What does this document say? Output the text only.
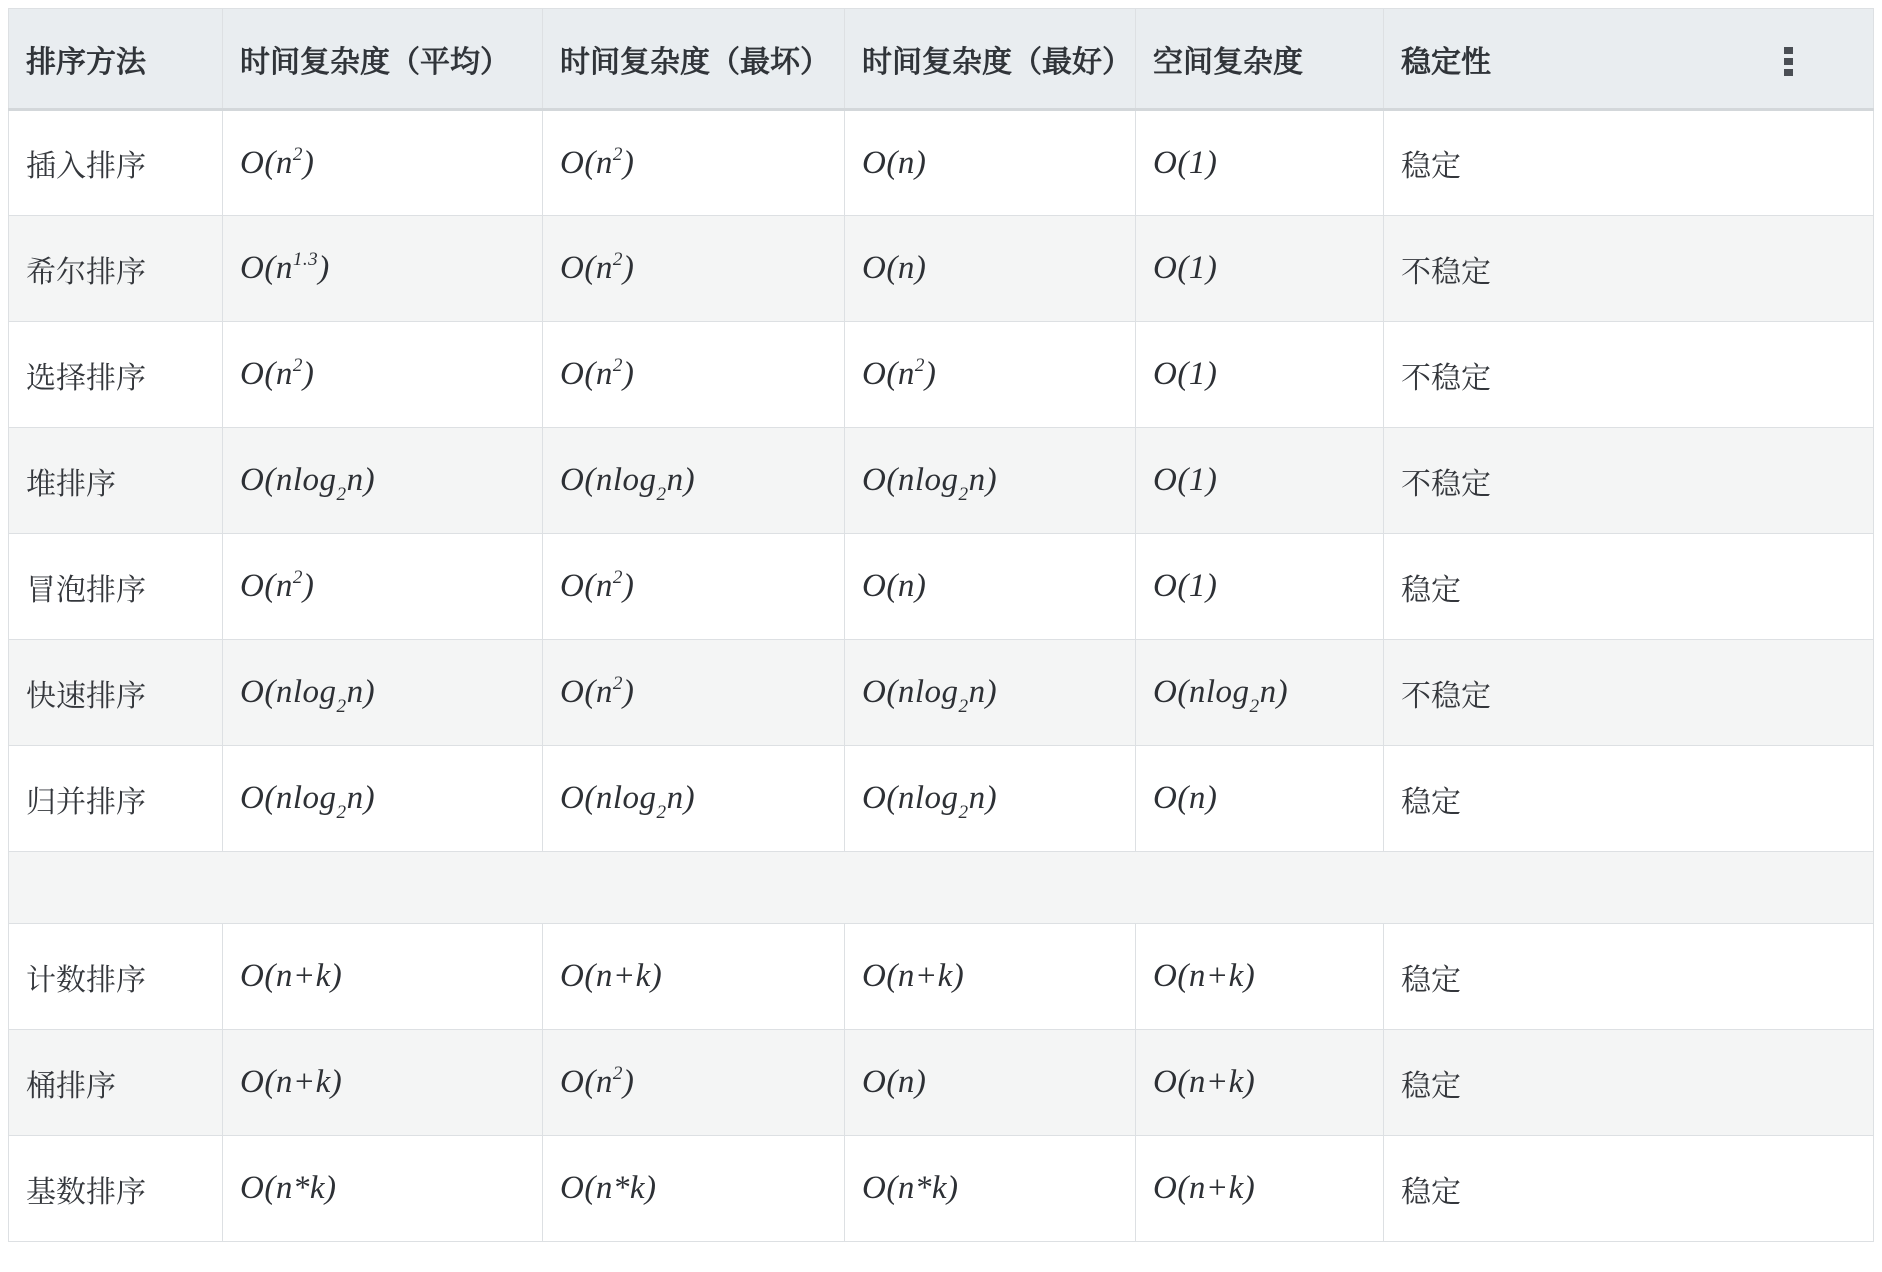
排序方法	时间复杂度（平均）	时间复杂度（最坏）	时间复杂度（最好）	空间复杂度	稳定性
插入排序	$O(n^2)$	$O(n^2)$	O(n)	O(1)	稳定
希尔排序	$O(n^{1.3})$	$O(n^2)$	O(n)	O(1)	不稳定
选择排序	$O(n^2)$	$O(n^2)$	$O(n^2)$	O(1)	不稳定
堆排序	O(nlog$_2$n)	O(nlog$_2$n)	O(nlog$_2$n)	O(1)	不稳定
冒泡排序	$O(n^2)$	$O(n^2)$	O(n)	O(1)	稳定
快速排序	O(nlog$_2$n)	$O(n^2)$	O(nlog$_2$n)	O(nlog$_2$n)	不稳定
归并排序	O(nlog$_2$n)	O(nlog$_2$n)	O(nlog$_2$n)	O(n)	稳定

计数排序	O(n+k)	O(n+k)	O(n+k)	O(n+k)	稳定
桶排序	O(n+k)	$O(n^2)$	O(n)	O(n+k)	稳定
基数排序	O(n*k)	O(n*k)	O(n*k)	O(n+k)	稳定
